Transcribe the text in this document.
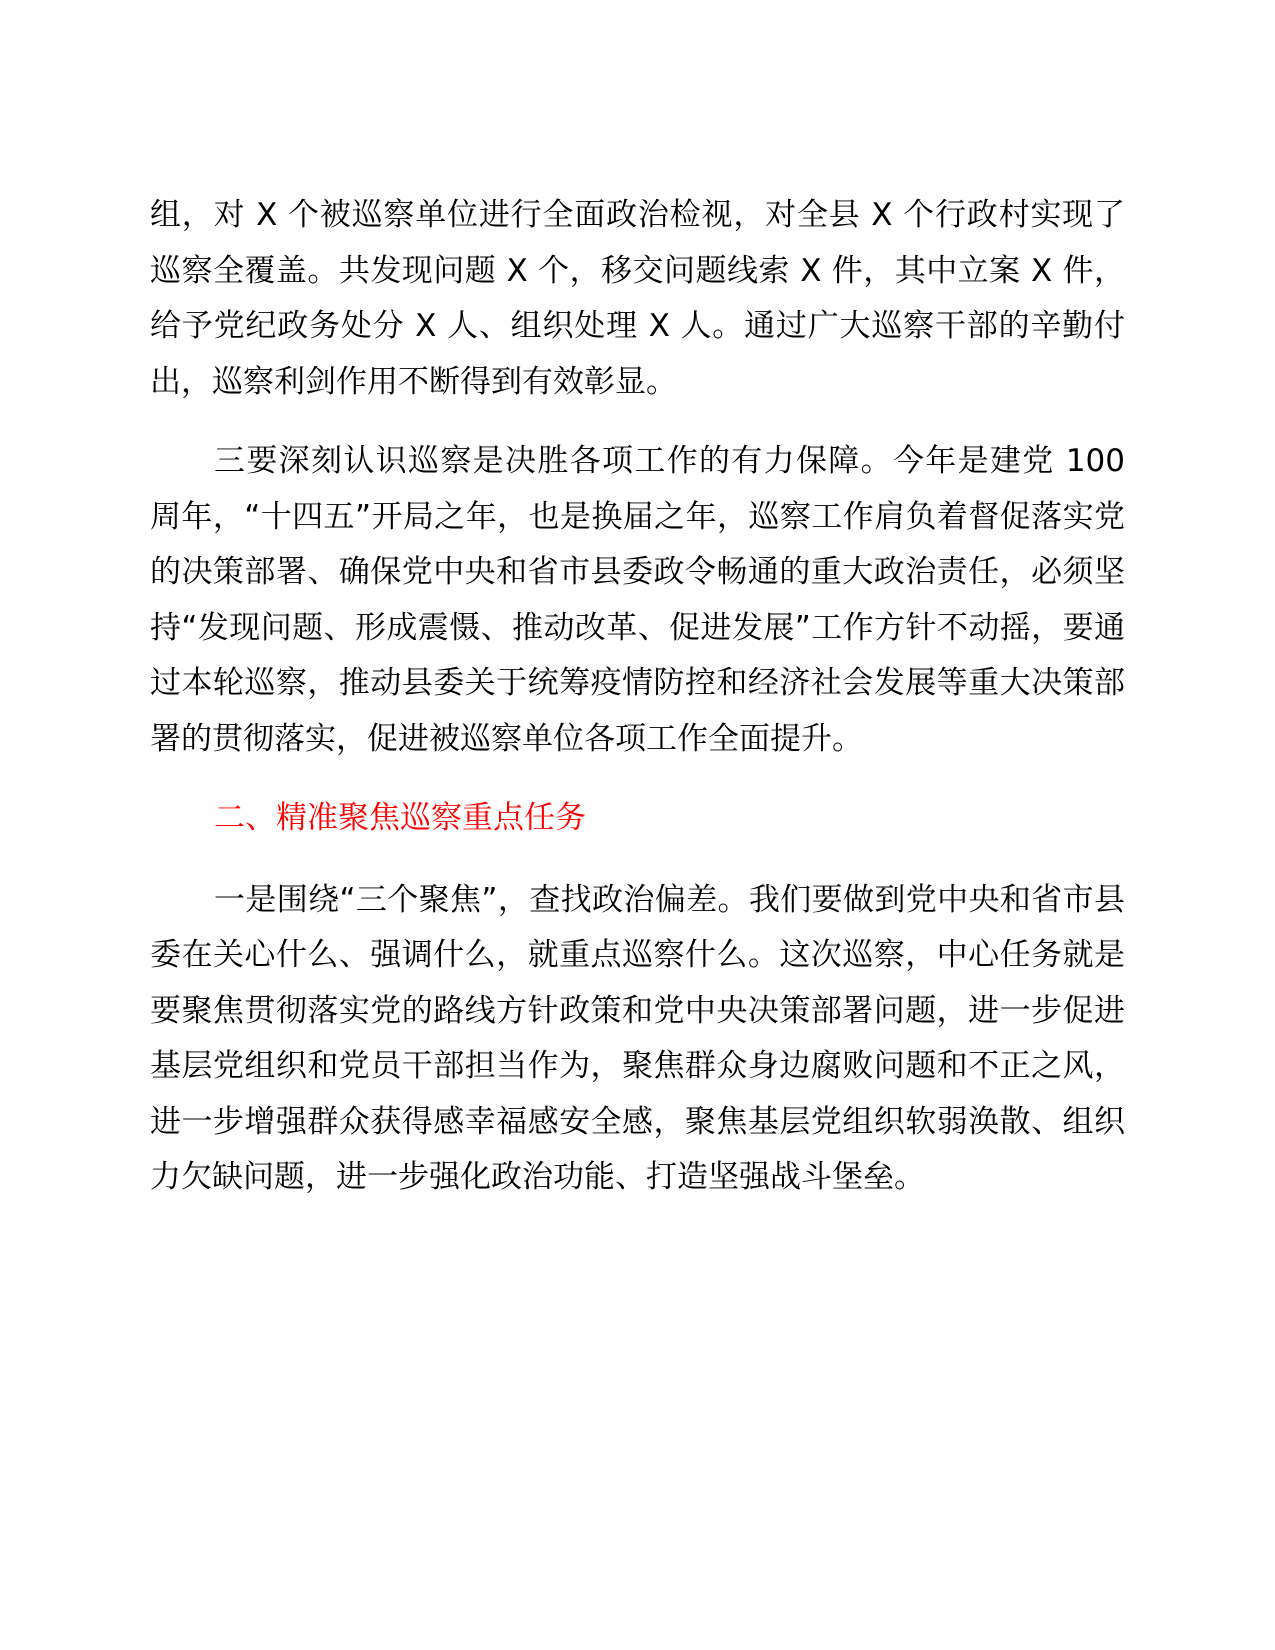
组，对 X 个被巡察单位进行全面政治检视，对全县 X 个行政村实现了巡察全覆盖。共发现问题 X 个，移交问题线索 X 件，其中立案 X 件，给予党纪政务处分 X 人、组织处理 X 人。通过广大巡察干部的辛勤付出，巡察利剑作用不断得到有效彰显。

三要深刻认识巡察是决胜各项工作的有力保障。今年是建党 100 周年，“十四五”开局之年，也是换届之年，巡察工作肩负着督促落实党的决策部署、确保党中央和省市县委政令畅通的重大政治责任，必须坚持“发现问题、形成震慑、推动改革、促进发展”工作方针不动摇，要通过本轮巡察，推动县委关于统筹疫情防控和经济社会发展等重大决策部署的贯彻落实，促进被巡察单位各项工作全面提升。

二、精准聚焦巡察重点任务

一是围绕“三个聚焦”，查找政治偏差。我们要做到党中央和省市县委在关心什么、强调什么，就重点巡察什么。这次巡察，中心任务就是要聚焦贯彻落实党的路线方针政策和党中央决策部署问题，进一步促进基层党组织和党员干部担当作为，聚焦群众身边腐败问题和不正之风，进一步增强群众获得感幸福感安全感，聚焦基层党组织软弱涣散、组织力欠缺问题，进一步强化政治功能、打造坚强战斗堡垒。
